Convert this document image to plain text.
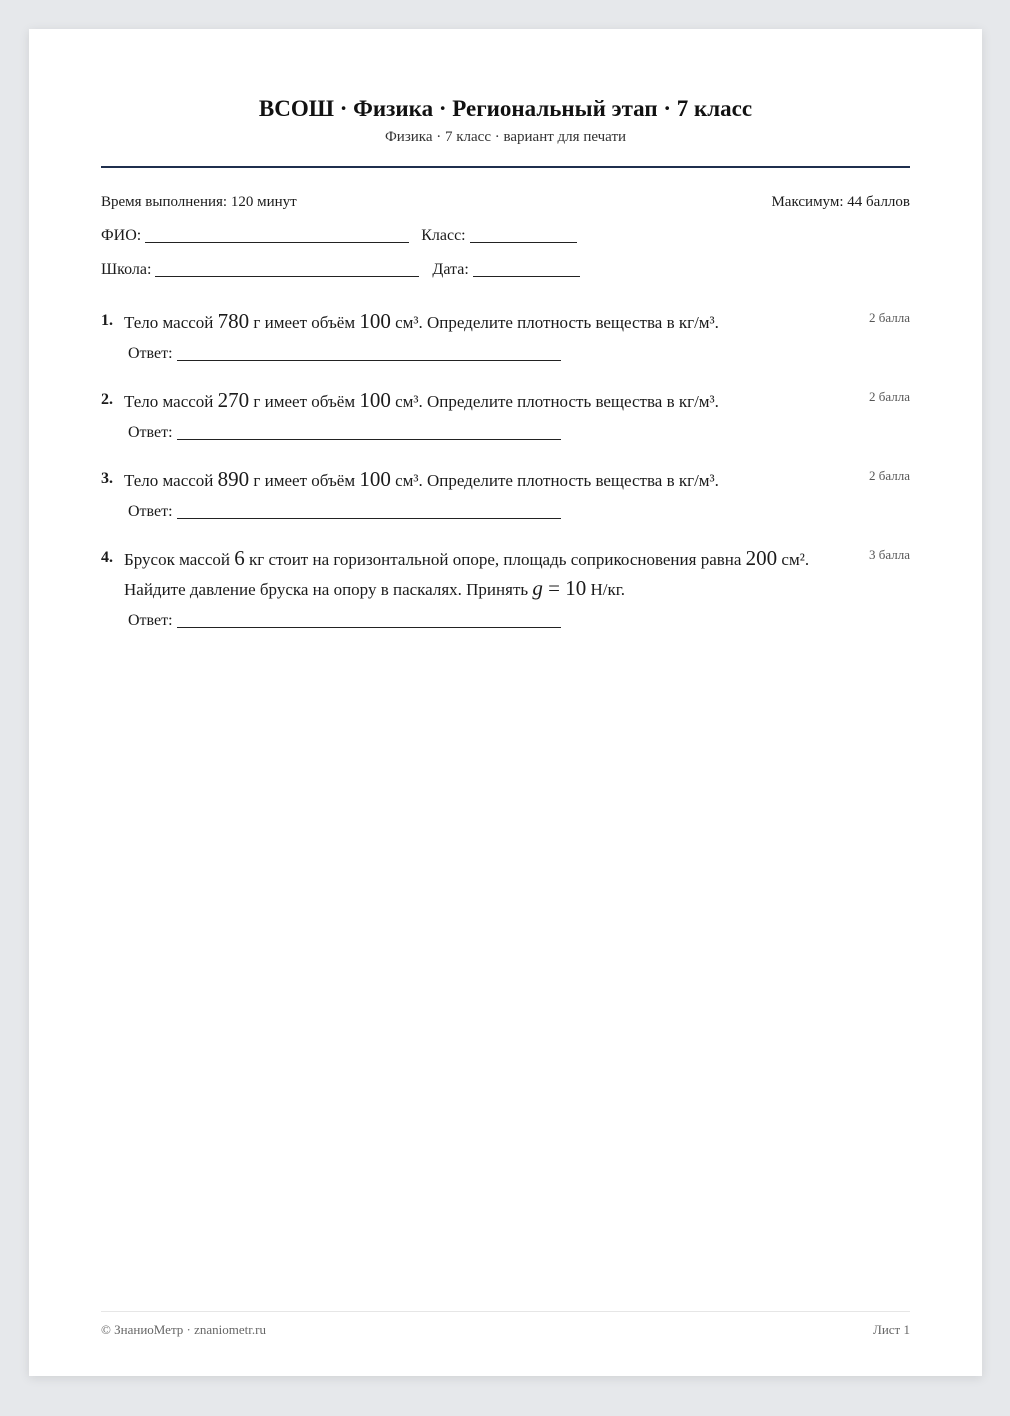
ВСОШ · Физика · Региональный этап · 7 класс
Физика · 7 класс · вариант для печати
Время выполнения: 120 минут	Максимум: 44 баллов
ФИО:	Класс:
Школа:	Дата:
1. Тело массой 780 г имеет объём 100 см³. Определите плотность вещества в кг/м³.	2 балла
Ответ:
2. Тело массой 270 г имеет объём 100 см³. Определите плотность вещества в кг/м³.	2 балла
Ответ:
3. Тело массой 890 г имеет объём 100 см³. Определите плотность вещества в кг/м³.	2 балла
Ответ:
4. Брусок массой 6 кг стоит на горизонтальной опоре, площадь соприкосновения равна 200 см². Найдите давление бруска на опору в паскалях. Принять g = 10 Н/кг.
3 балла
Ответ:
© ЗнаниоМетр · znaniometr.ru	Лист 1
